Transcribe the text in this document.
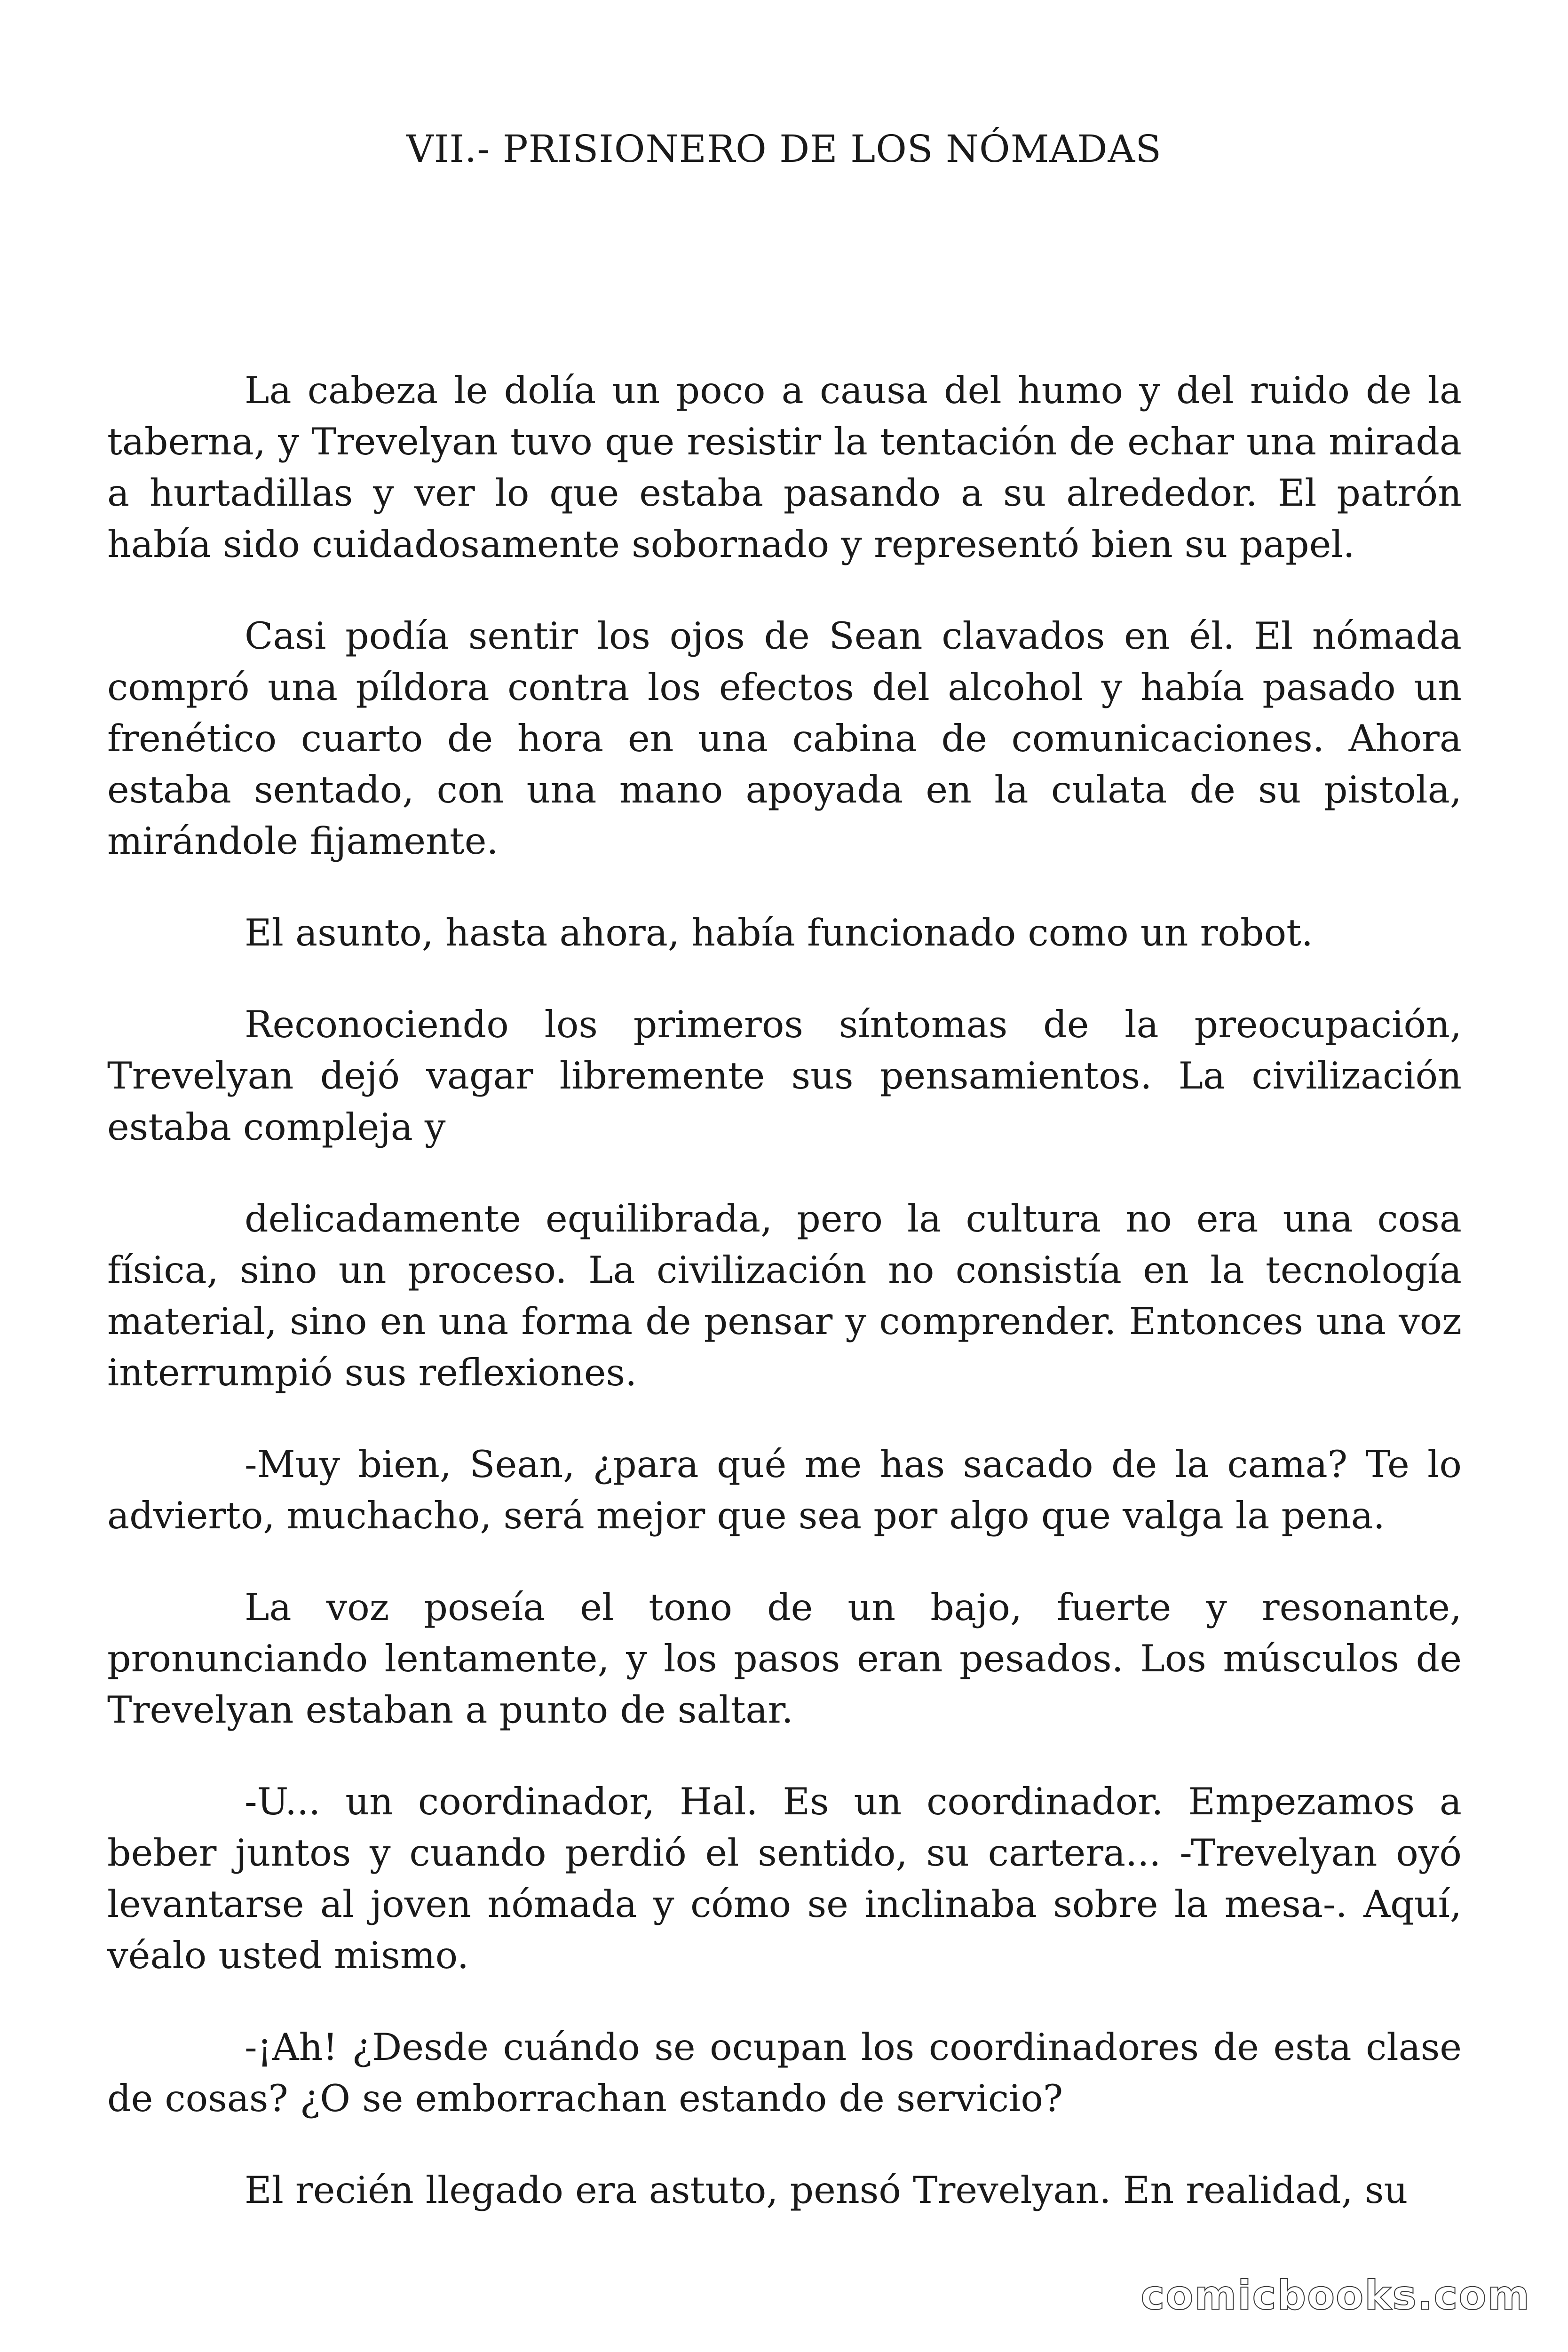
VII.- PRISIONERO DE LOS NÓMADAS

La cabeza le dolía un poco a causa del humo y del ruido de la taberna, y Trevelyan tuvo que resistir la tentación de echar una mirada a hurtadillas y ver lo que estaba pasando a su alrededor. El patrón había sido cuidadosamente sobornado y representó bien su papel.

Casi podía sentir los ojos de Sean clavados en él. El nómada compró una píldora contra los efectos del alcohol y había pasado un frenético cuarto de hora en una cabina de comunicaciones. Ahora estaba sentado, con una mano apoyada en la culata de su pistola, mirándole fijamente.

El asunto, hasta ahora, había funcionado como un robot.

Reconociendo los primeros síntomas de la preocupación, Trevelyan dejó vagar libremente sus pensamientos. La civilización estaba compleja y

delicadamente equilibrada, pero la cultura no era una cosa física, sino un proceso. La civilización no consistía en la tecnología material, sino en una forma de pensar y comprender. Entonces una voz interrumpió sus reflexiones.

-Muy bien, Sean, ¿para qué me has sacado de la cama? Te lo advierto, muchacho, será mejor que sea por algo que valga la pena.

La voz poseía el tono de un bajo, fuerte y resonante, pronunciando lentamente, y los pasos eran pesados. Los músculos de Trevelyan estaban a punto de saltar.

-U... un coordinador, Hal. Es un coordinador. Empezamos a beber juntos y cuando perdió el sentido, su cartera... -Trevelyan oyó levantarse al joven nómada y cómo se inclinaba sobre la mesa-. Aquí, véalo usted mismo.

-¡Ah! ¿Desde cuándo se ocupan los coordinadores de esta clase de cosas? ¿O se emborrachan estando de servicio?

El recién llegado era astuto, pensó Trevelyan. En realidad, su

comicbooks.com
